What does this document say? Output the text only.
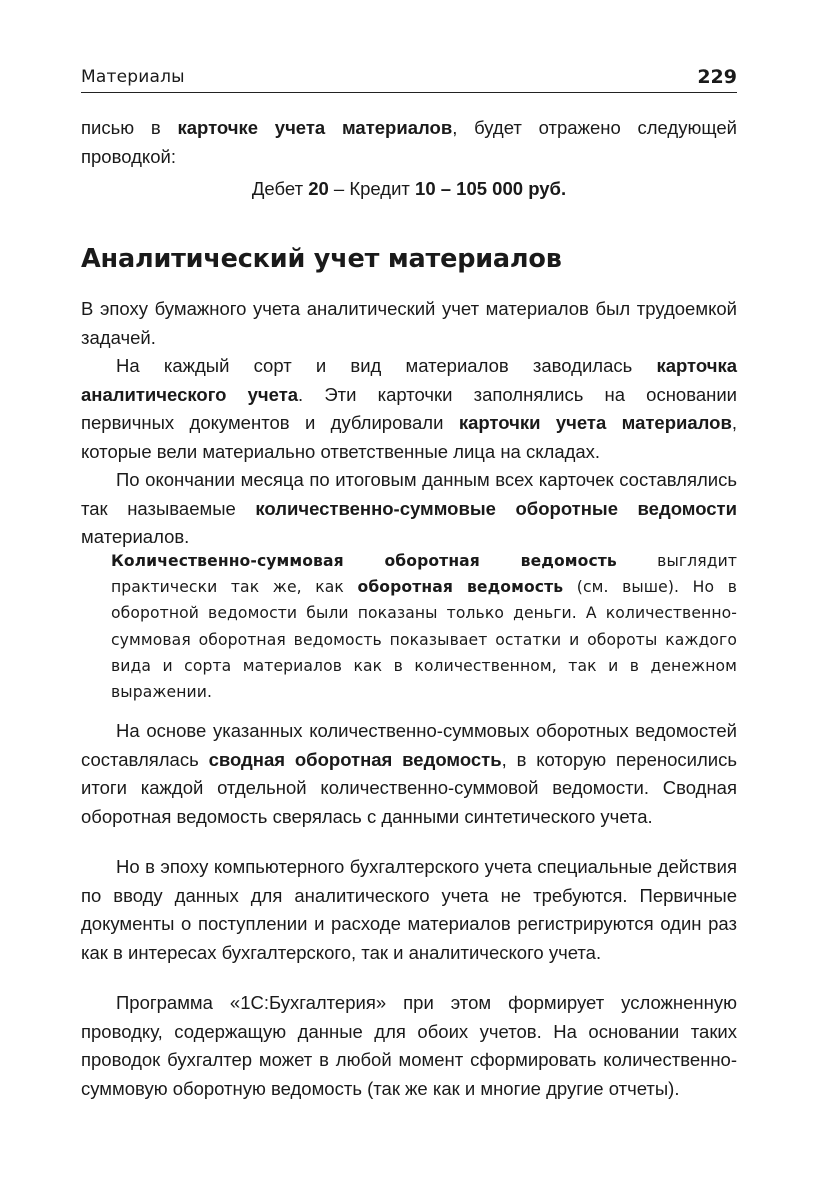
Материалы	229

писью в карточке учета материалов, будет отражено следующей проводкой:

Дебет 20 – Кредит 10 – 105 000 руб.
Аналитический учет материалов

В эпоху бумажного учета аналитический учет материалов был трудоемкой задачей.

На каждый сорт и вид материалов заводилась карточка аналитического учета. Эти карточки заполнялись на основании первичных документов и дублировали карточки учета материалов, которые вели материально ответственные лица на складах.

По окончании месяца по итоговым данным всех карточек составлялись так называемые количественно-суммовые оборотные ведомости материалов.

Количественно-суммовая оборотная ведомость выглядит практически так же, как оборотная ведомость (см. выше). Но в оборотной ведомости были показаны только деньги. А количественно-суммовая оборотная ведомость показывает остатки и обороты каждого вида и сорта материалов как в количественном, так и в денежном выражении.

На основе указанных количественно-суммовых оборотных ведомостей составлялась сводная оборотная ведомость, в которую переносились итоги каждой отдельной количественно-суммовой ведомости. Сводная оборотная ведомость сверялась с данными синтетического учета.

Но в эпоху компьютерного бухгалтерского учета специальные действия по вводу данных для аналитического учета не требуются. Первичные документы о поступлении и расходе материалов регистрируются один раз как в интересах бухгалтерского, так и аналитического учета.

Программа «1С:Бухгалтерия» при этом формирует усложненную проводку, содержащую данные для обоих учетов. На основании таких проводок бухгалтер может в любой момент сформировать количественно-суммовую оборотную ведомость (так же как и многие другие отчеты).
